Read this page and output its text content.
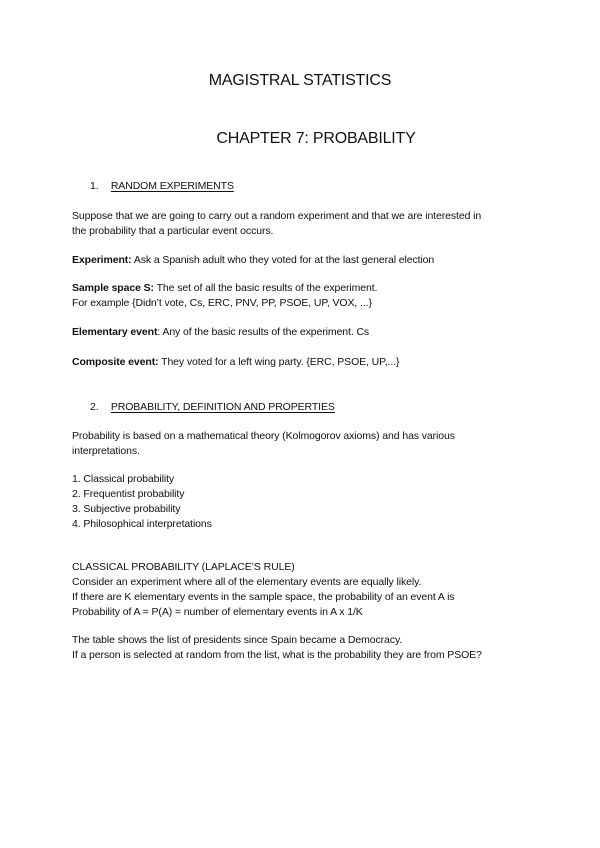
MAGISTRAL STATISTICS
CHAPTER 7: PROBABILITY
1. RANDOM EXPERIMENTS
Suppose that we are going to carry out a random experiment and that we are interested in
the probability that a particular event occurs.
Experiment: Ask a Spanish adult who they voted for at the last general election
Sample space S: The set of all the basic results of the experiment.
For example {Didn’t vote, Cs, ERC, PNV, PP, PSOE, UP, VOX, ...}
Elementary event: Any of the basic results of the experiment. Cs
Composite event: They voted for a left wing party. {ERC, PSOE, UP,...}
2. PROBABILITY, DEFINITION AND PROPERTIES
Probability is based on a mathematical theory (Kolmogorov axioms) and has various
interpretations.
1. Classical probability
2. Frequentist probability
3. Subjective probability
4. Philosophical interpretations
CLASSICAL PROBABILITY (LAPLACE’S RULE)
Consider an experiment where all of the elementary events are equally likely.
If there are K elementary events in the sample space, the probability of an event A is
Probability of A = P(A) = number of elementary events in A x 1/K
The table shows the list of presidents since Spain became a Democracy.
If a person is selected at random from the list, what is the probability they are from PSOE?
